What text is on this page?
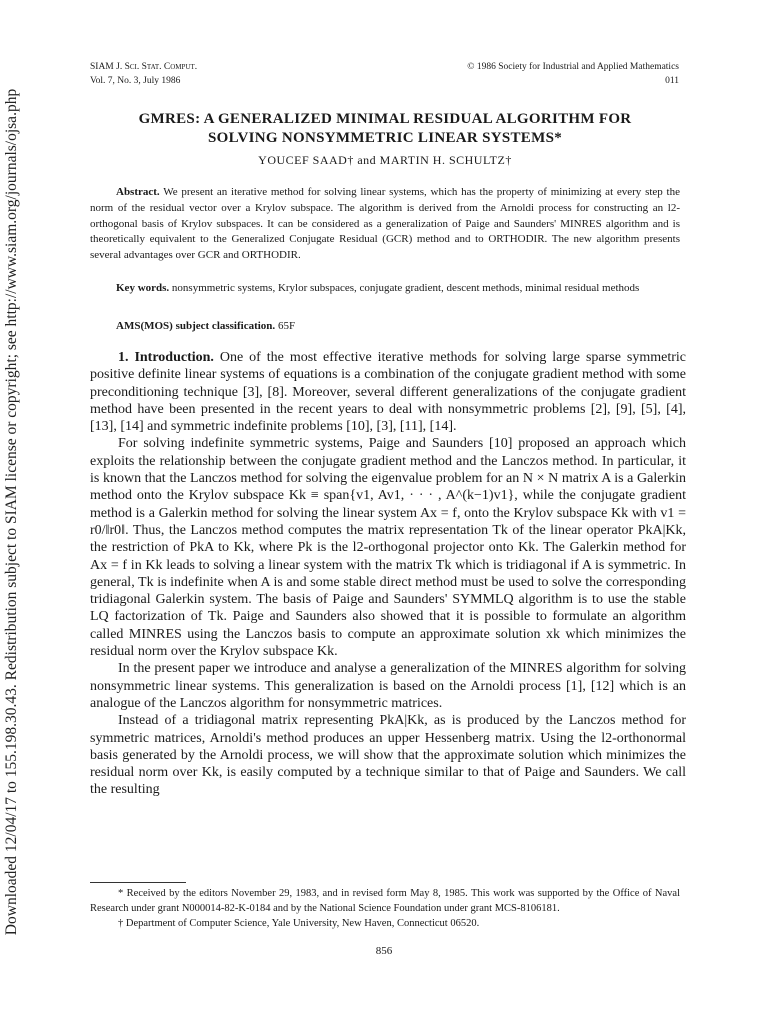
Downloaded 12/04/17 to 155.198.30.43. Redistribution subject to SIAM license or copyright; see http://www.siam.org/journals/ojsa.php
SIAM J. Sci. Stat. Comput.
Vol. 7, No. 3, July 1986
© 1986 Society for Industrial and Applied Mathematics
011
GMRES: A GENERALIZED MINIMAL RESIDUAL ALGORITHM FOR
SOLVING NONSYMMETRIC LINEAR SYSTEMS*
YOUCEF SAAD† and MARTIN H. SCHULTZ†
Abstract. We present an iterative method for solving linear systems, which has the property of minimizing at every step the norm of the residual vector over a Krylov subspace. The algorithm is derived from the Arnoldi process for constructing an l2-orthogonal basis of Krylov subspaces. It can be considered as a generalization of Paige and Saunders' MINRES algorithm and is theoretically equivalent to the Generalized Conjugate Residual (GCR) method and to ORTHODIR. The new algorithm presents several advantages over GCR and ORTHODIR.
Key words. nonsymmetric systems, Krylor subspaces, conjugate gradient, descent methods, minimal residual methods
AMS(MOS) subject classification. 65F

1. Introduction. One of the most effective iterative methods for solving large sparse symmetric positive definite linear systems of equations is a combination of the conjugate gradient method with some preconditioning technique [3], [8]. Moreover, several different generalizations of the conjugate gradient method have been presented in the recent years to deal with nonsymmetric problems [2], [9], [5], [4], [13], [14] and symmetric indefinite problems [10], [3], [11], [14].

For solving indefinite symmetric systems, Paige and Saunders [10] proposed an approach which exploits the relationship between the conjugate gradient method and the Lanczos method. In particular, it is known that the Lanczos method for solving the eigenvalue problem for an N × N matrix A is a Galerkin method onto the Krylov subspace Kk ≡ span{v1, Av1, · · · , A^(k−1)v1}, while the conjugate gradient method is a Galerkin method for solving the linear system Ax = f, onto the Krylov subspace Kk with v1 = r0/‖r0‖. Thus, the Lanczos method computes the matrix representation Tk of the linear operator PkA|Kk, the restriction of PkA to Kk, where Pk is the l2-orthogonal projector onto Kk. The Galerkin method for Ax = f in Kk leads to solving a linear system with the matrix Tk which is tridiagonal if A is symmetric. In general, Tk is indefinite when A is and some stable direct method must be used to solve the corresponding tridiagonal Galerkin system. The basis of Paige and Saunders' SYMMLQ algorithm is to use the stable LQ factorization of Tk. Paige and Saunders also showed that it is possible to formulate an algorithm called MINRES using the Lanczos basis to compute an approximate solution xk which minimizes the residual norm over the Krylov subspace Kk.

In the present paper we introduce and analyse a generalization of the MINRES algorithm for solving nonsymmetric linear systems. This generalization is based on the Arnoldi process [1], [12] which is an analogue of the Lanczos algorithm for nonsymmetric matrices.

Instead of a tridiagonal matrix representing PkA|Kk, as is produced by the Lanczos method for symmetric matrices, Arnoldi's method produces an upper Hessenberg matrix. Using the l2-orthonormal basis generated by the Arnoldi process, we will show that the approximate solution which minimizes the residual norm over Kk, is easily computed by a technique similar to that of Paige and Saunders. We call the resulting

* Received by the editors November 29, 1983, and in revised form May 8, 1985. This work was supported by the Office of Naval Research under grant N000014-82-K-0184 and by the National Science Foundation under grant MCS-8106181.

† Department of Computer Science, Yale University, New Haven, Connecticut 06520.

856
